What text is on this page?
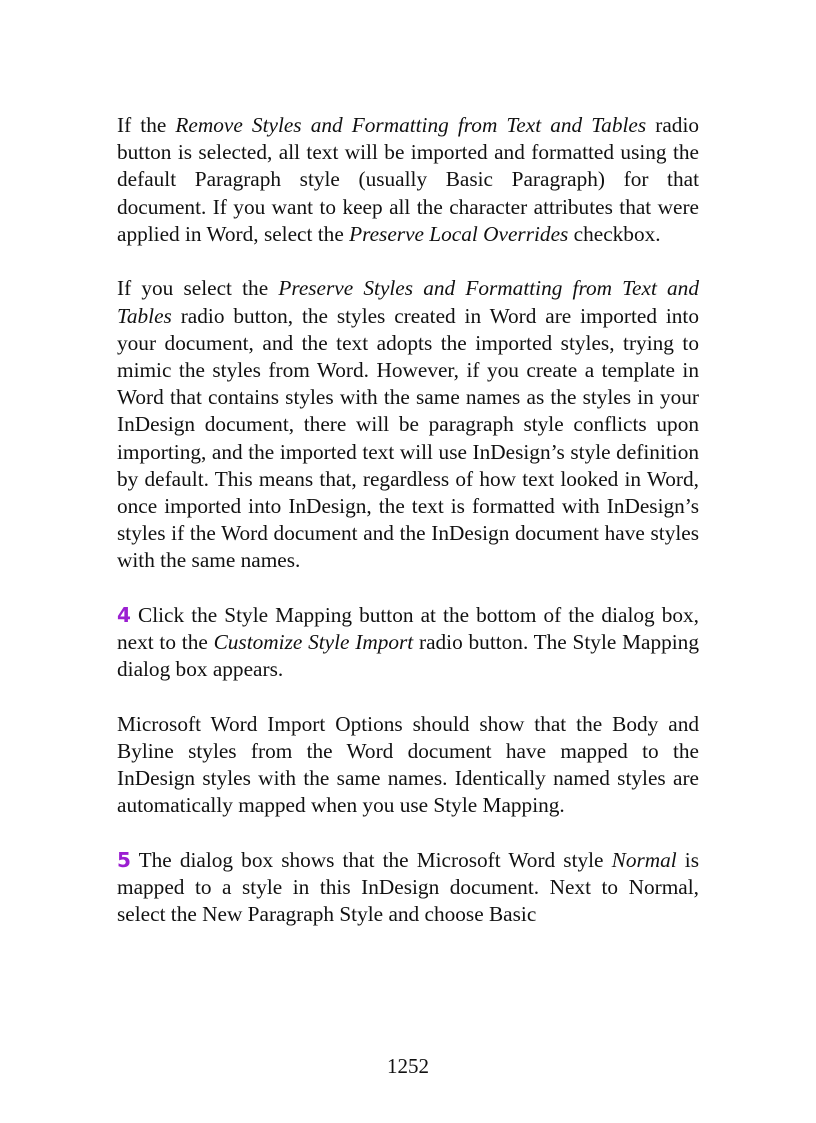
If the Remove Styles and Formatting from Text and Tables radio button is selected, all text will be imported and formatted using the default Paragraph style (usually Basic Paragraph) for that document. If you want to keep all the character attributes that were applied in Word, select the Preserve Local Overrides checkbox.

If you select the Preserve Styles and Formatting from Text and Tables radio button, the styles created in Word are imported into your document, and the text adopts the imported styles, trying to mimic the styles from Word. However, if you create a template in Word that contains styles with the same names as the styles in your InDesign document, there will be paragraph style conflicts upon importing, and the imported text will use InDesign’s style definition by default. This means that, regardless of how text looked in Word, once imported into InDesign, the text is formatted with InDesign’s styles if the Word document and the InDesign document have styles with the same names.

4 Click the Style Mapping button at the bottom of the dialog box, next to the Customize Style Import radio button. The Style Mapping dialog box appears.

Microsoft Word Import Options should show that the Body and Byline styles from the Word document have mapped to the InDesign styles with the same names. Identically named styles are automatically mapped when you use Style Mapping.

5 The dialog box shows that the Microsoft Word style Normal is mapped to a style in this InDesign document. Next to Normal, select the New Paragraph Style and choose Basic

1252
